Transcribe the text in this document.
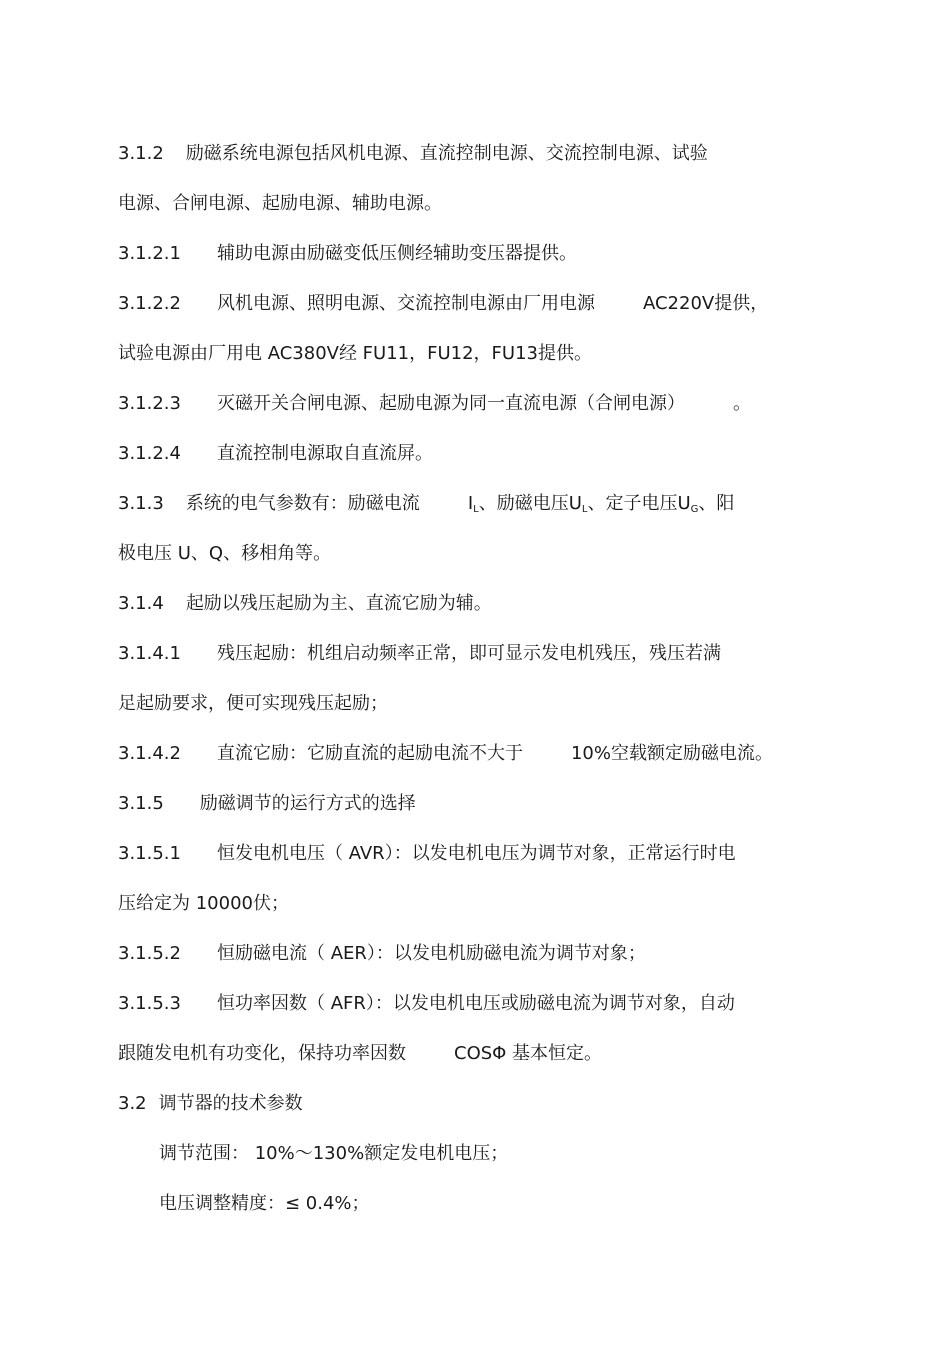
3.1.2 励磁系统电源包括风机电源、直流控制电源、交流控制电源、试验
电源、合闸电源、起励电源、辅助电源。
3.1.2.1 辅助电源由励磁变低压侧经辅助变压器提供。
3.1.2.2 风机电源、照明电源、交流控制电源由厂用电源	AC220V提供，
试验电源由厂用电 AC380V经 FU11，FU12，FU13提供。
3.1.2.3 灭磁开关合闸电源、起励电源为同一直流电源（合闸电源）	。
3.1.2.4 直流控制电源取自直流屏。
3.1.3 系统的电气参数有：励磁电流	$I_L$、励磁电压$U_L$、定子电压$U_G$、阳
极电压 U、Q、移相角等。
3.1.4 起励以残压起励为主、直流它励为辅。
3.1.4.1 残压起励：机组启动频率正常，即可显示发电机残压，残压若满
足起励要求，便可实现残压起励；
3.1.4.2 直流它励：它励直流的起励电流不大于	10%空载额定励磁电流。
3.1.5 励磁调节的运行方式的选择
3.1.5.1 恒发电机电压（ AVR）：以发电机电压为调节对象，正常运行时电
压给定为 10000伏；
3.1.5.2 恒励磁电流（ AER）：以发电机励磁电流为调节对象；
3.1.5.3 恒功率因数（ AFR）：以发电机电压或励磁电流为调节对象，自动
跟随发电机有功变化，保持功率因数	COSΦ 基本恒定。
3.2 调节器的技术参数
调节范围： 10%～130%额定发电机电压；
电压调整精度：≤ 0.4%；
